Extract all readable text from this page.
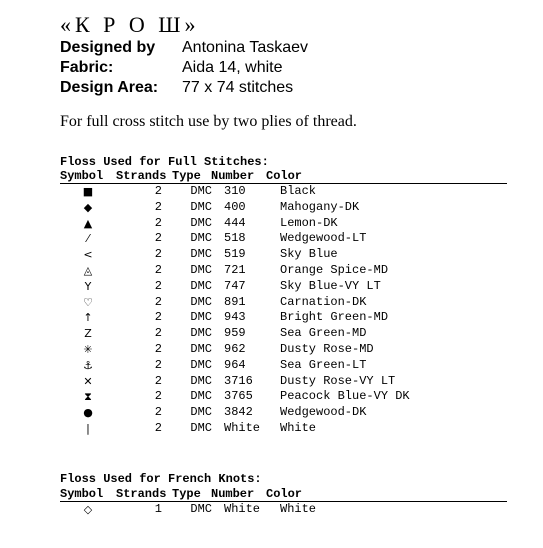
«К Р О Ш»
Designed by	Antonina Taskaev
Fabric:	Aida 14, white
Design Area:	77 x 74 stitches
For full cross stitch use by two plies of thread.
Floss Used for Full Stitches:
Symbol	Strands Type Number Color
■	2	DMC	310	Black
◆	2	DMC	400	Mahogany-DK
▲	2	DMC	444	Lemon-DK
⁄	2	DMC	518	Wedgewood-LT
<	2	DMC	519	Sky Blue
◬	2	DMC	721	Orange Spice-MD
Y	2	DMC	747	Sky Blue-VY LT
♡	2	DMC	891	Carnation-DK
↑	2	DMC	943	Bright Green-MD
Z	2	DMC	959	Sea Green-MD
✳	2	DMC	962	Dusty Rose-MD
⚓	2	DMC	964	Sea Green-LT
✕	2	DMC	3716	Dusty Rose-VY LT
⧗	2	DMC	3765	Peacock Blue-VY DK
●	2	DMC	3842	Wedgewood-DK
|	2	DMC	White	White
Floss Used for French Knots:
Symbol	Strands Type Number Color
◇	1	DMC	White	White
